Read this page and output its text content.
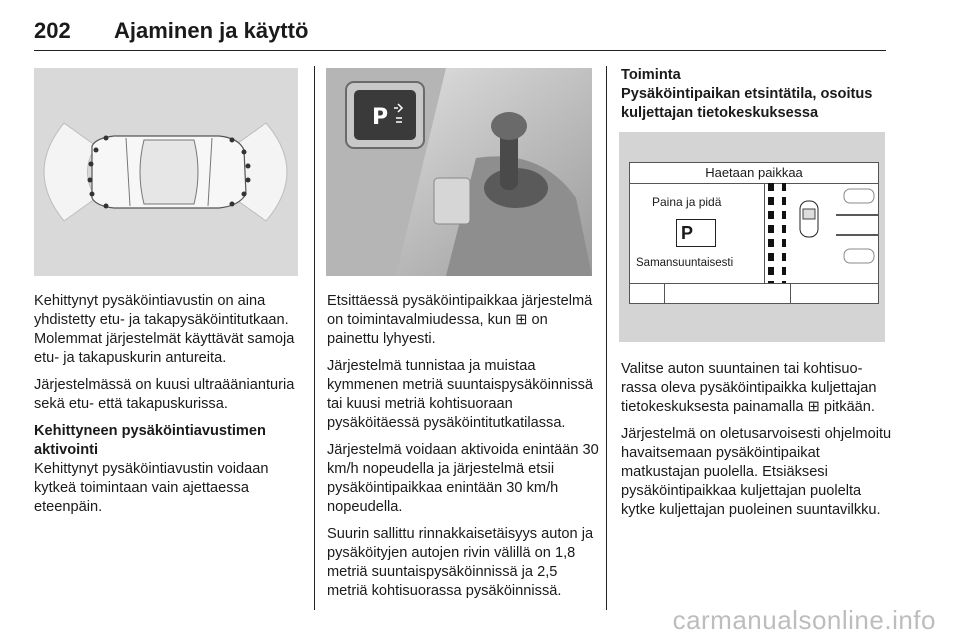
202 Ajaminen ja käyttö

Kehittynyt pysäköintiavustin on aina yhdistetty etu- ja takapysäköintitutkaan. Molemmat järjestelmät käyttävät samoja etu- ja takapuskurin antureita.

Järjestelmässä on kuusi ultraäänianturia sekä etu- että takapuskurissa.

Kehittyneen pysäköintiavustimen aktivointi

Kehittynyt pysäköintiavustin voidaan kytkeä toimintaan vain ajettaessa eteenpäin.

P

Etsittäessä pysäköintipaikkaa järjestelmä on toimintavalmiudessa, kun ⊞ on painettu lyhyesti.

Järjestelmä tunnistaa ja muistaa kymmenen metriä suuntaispysäköinnissä tai kuusi metriä kohtisuoraan pysäköitäessä pysäköintitutkatilassa.

Järjestelmä voidaan aktivoida enintään 30 km/h nopeudella ja järjestelmä etsii pysäköintipaikkaa enintään 30 km/h nopeudella.

Suurin sallittu rinnakkaisetäisyys auton ja pysäköityjen autojen rivin välillä on 1,8 metriä suuntaispysäköinnissä ja 2,5 metriä kohtisuorassa pysäköinnissä.

Toiminta
Pysäköintipaikan etsintätila, osoitus kuljettajan tietokeskuksessa
Haetaan paikkaa
Paina ja pidä
P
Samansuuntaisesti

Valitse auton suuntainen tai kohtisuorassa oleva pysäköintipaikka kuljettajan tietokeskuksesta painamalla ⊞ pitkään.

Järjestelmä on oletusarvoisesti ohjelmoitu havaitsemaan pysäköintipaikat matkustajan puolella. Etsiäksesi pysäköintipaikkaa kuljettajan puolelta kytke kuljettajan puoleinen suuntavilkku.

carmanualsonline.info
